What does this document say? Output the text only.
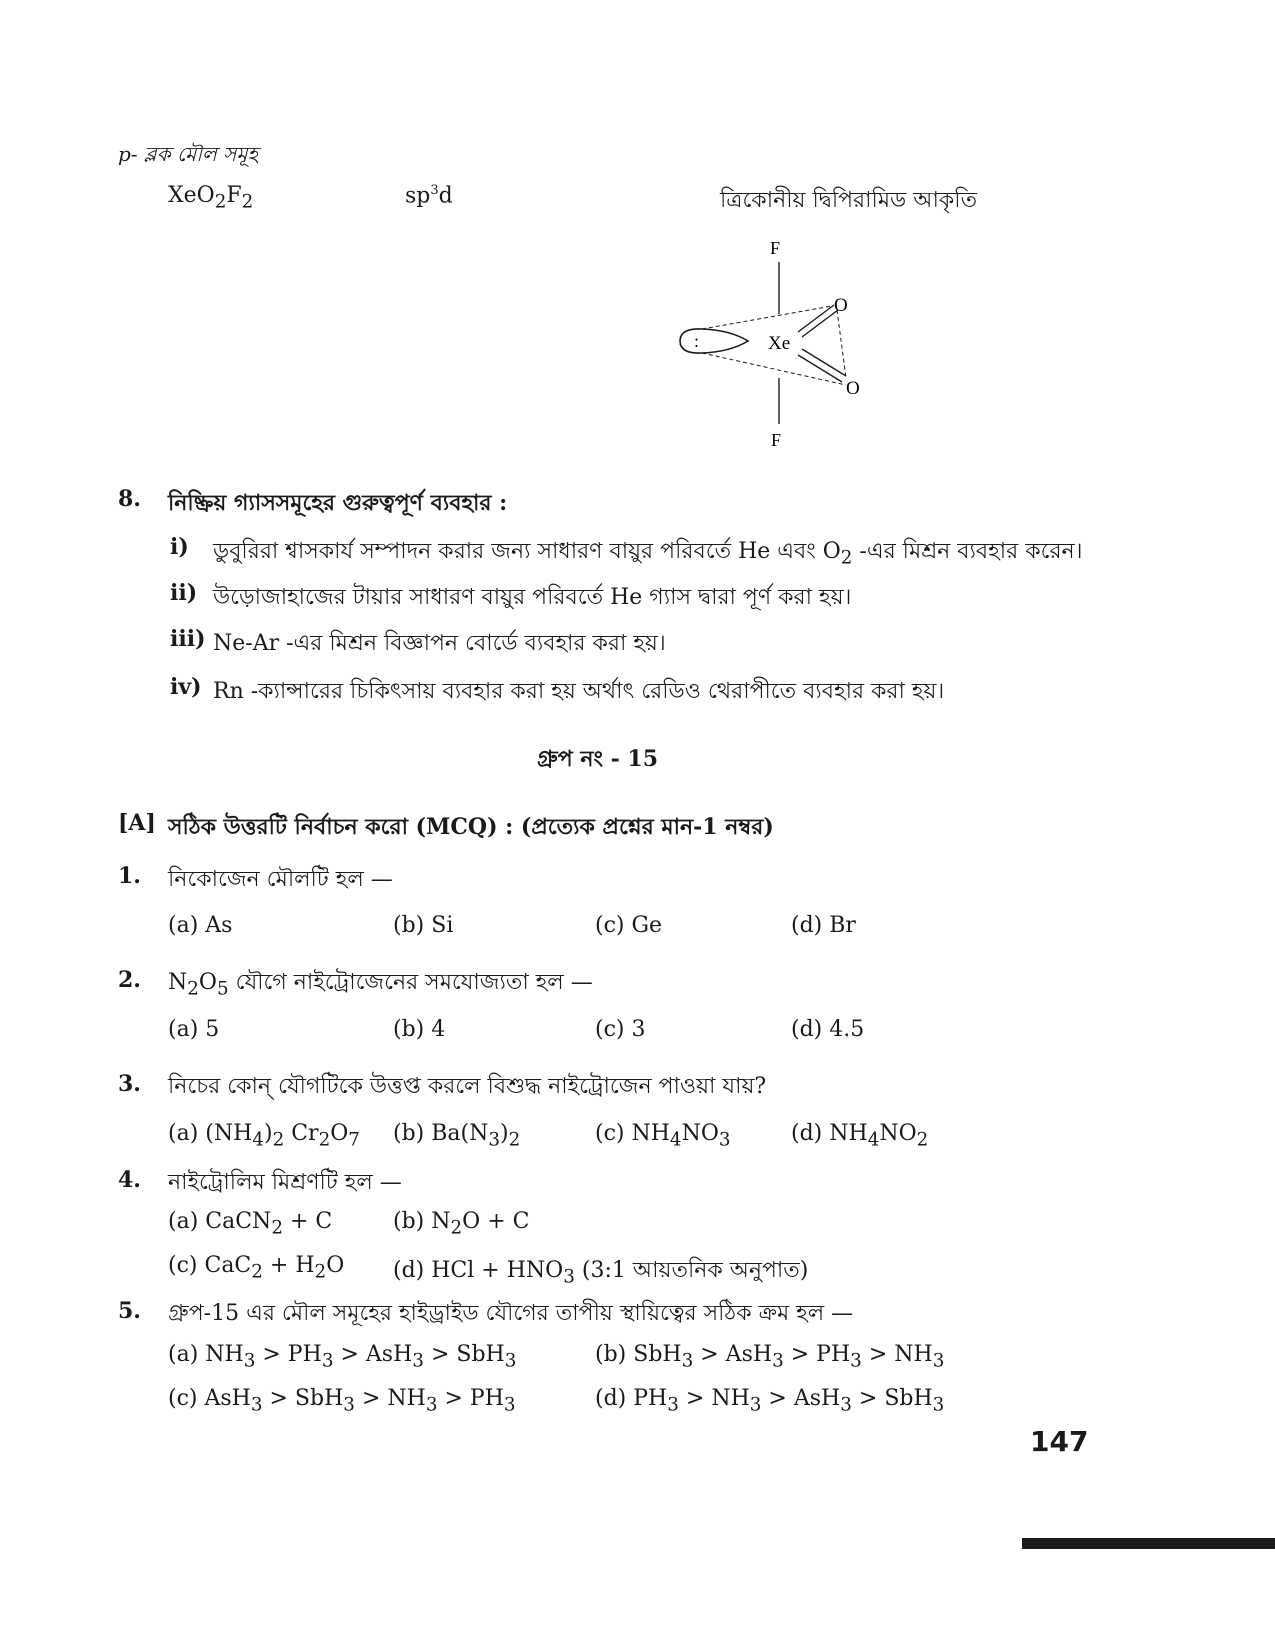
p- ব্লক মৌল সমূহ
$XeO_2F_2$	$sp^3d$	ত্রিকোনীয় দ্বিপিরামিড আকৃতি
:
F
Xe
O
O
F
8. নিষ্ক্রিয় গ্যাসসমূহের গুরুত্বপূর্ণ ব্যবহার :
i) ডুবুরিরা শ্বাসকার্য সম্পাদন করার জন্য সাধারণ বায়ুর পরিবর্তে He এবং $O_2$ -এর মিশ্রন ব্যবহার করেন।
ii) উড়োজাহাজের টায়ার সাধারণ বায়ুর পরিবর্তে He গ্যাস দ্বারা পূর্ণ করা হয়।
iii) Ne-Ar -এর মিশ্রন বিজ্ঞাপন বোর্ডে ব্যবহার করা হয়।
iv) Rn -ক্যান্সারের চিকিৎসায় ব্যবহার করা হয় অর্থাৎ রেডিও থেরাপীতে ব্যবহার করা হয়।
গ্রুপ নং - 15
[A] সঠিক উত্তরটি নির্বাচন করো (MCQ) : (প্রত্যেক প্রশ্নের মান-1 নম্বর)
1. নিকোজেন মৌলটি হল —
(a) As	(b) Si	(c) Ge	(d) Br
2. $N_2O_5$ যৌগে নাইট্রোজেনের সমযোজ্যতা হল —
(a) 5	(b) 4	(c) 3	(d) 4.5
3. নিচের কোন্ যৌগটিকে উত্তপ্ত করলে বিশুদ্ধ নাইট্রোজেন পাওয়া যায়?
(a) $(NH_4)_2$ $Cr_2O_7$ (b) $Ba(N_3)_2$	(c) $NH_4NO_3$	(d) $NH_4NO_2$
4. নাইট্রোলিম মিশ্রণটি হল —
(a) CaCN$_2$ + C	(b) $N_2O + C$
(c) $CaC_2 + H_2O$ (d) HCl + $HNO_3$ (3:1 আয়তনিক অনুপাত)
5. গ্রুপ-15 এর মৌল সমূহের হাইড্রাইড যৌগের তাপীয় স্থায়িত্বের সঠিক ক্রম হল —
(a) $NH_3 > PH_3 > AsH_3 > SbH_3$	(b) $SbH_3 > AsH_3 > PH_3 > NH_3$
(c) $AsH_3 > SbH_3 > NH_3 > PH_3$	(d) $PH_3 > NH_3 > AsH_3 > SbH_3$
147
